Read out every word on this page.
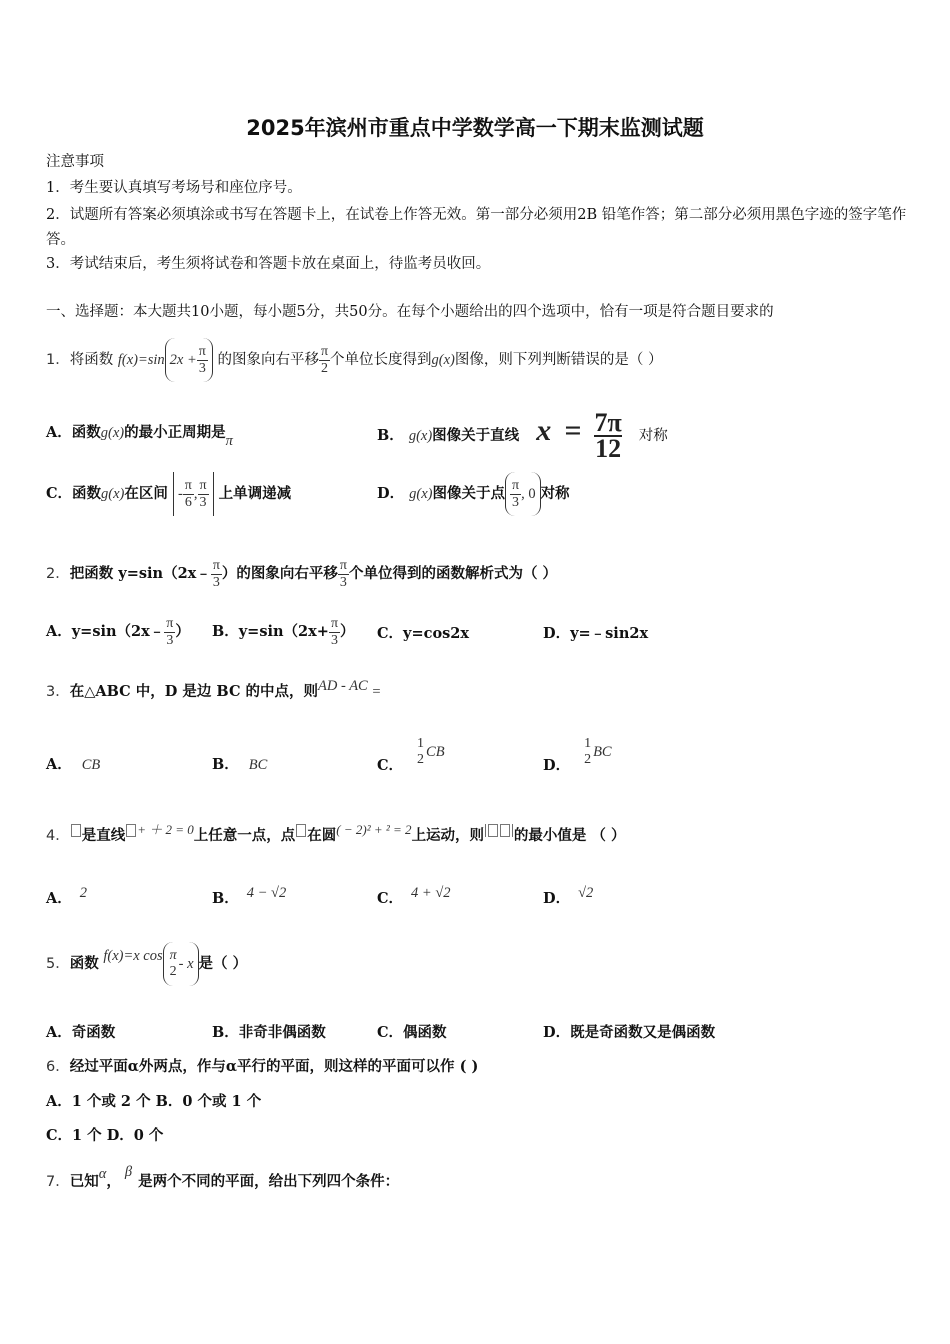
2025年滨州市重点中学数学高一下期末监测试题
注意事项
1．考生要认真填写考场号和座位序号。
2．试题所有答案必须填涂或书写在答题卡上，在试卷上作答无效。第一部分必须用2B 铅笔作答；第二部分必须用黑色字迹的签字笔作答。
3．考试结束后，考生须将试卷和答题卡放在桌面上，待监考员收回。
一、选择题：本大题共10小题，每小题5分，共50分。在每个小题给出的四个选项中，恰有一项是符合题目要求的
1．将函数 f(x)=sin $2x + \frac{\pi}{3}$ 的图象向右平移 $\frac{\pi}{2}$ 个单位长度得到g(x)图像，则下列判断错误的是（ ）
A．函数g(x)的最小正周期是π	B． g(x)图像关于直线 $x = \frac{7\pi}{12}$ 对称
C．函数g(x)在区间 - $\frac{\pi}{6}$ , $\frac{\pi}{3}$ 上单调递减	D． g(x)图像关于点 $\frac{\pi}{3}$ , 0 对称
2．把函数 y=sin（2x﹣ $\frac{\pi}{3}$ ）的图象向右平移 $\frac{\pi}{3}$ 个单位得到的函数解析式为（ ）
A．y=sin（2x﹣ $\frac{\pi}{3}$ ） B．$y=\sin(2x+ \frac{\pi}{3}$ ） C．y=cos2x	D．y=﹣sin2x
3．在△ABC 中，D 是边 BC 的中点，则AD - AC =
A． CB	B． BC	C．
1
2 CB
D．
1
2 BC
4． 是直线 + ＋ 2 = 0上任意一点，点 在圆( − 2)² + ² = 2上运动，则| |的最小值是 （ ）
A． 2	B． 4 − √2	C． 4 + √2	D． √2
5．函数 f(x)=x cos π
2 - x 是（ ）
A．奇函数	B．非奇非偶函数	C．偶函数	D．既是奇函数又是偶函数
6．经过平面α外两点，作与α平行的平面，则这样的平面可以作 ( )
A．1 个或 2 个 B．0 个或 1 个
C．1 个 D．0 个
7．已知α，β是两个不同的平面，给出下列四个条件：
